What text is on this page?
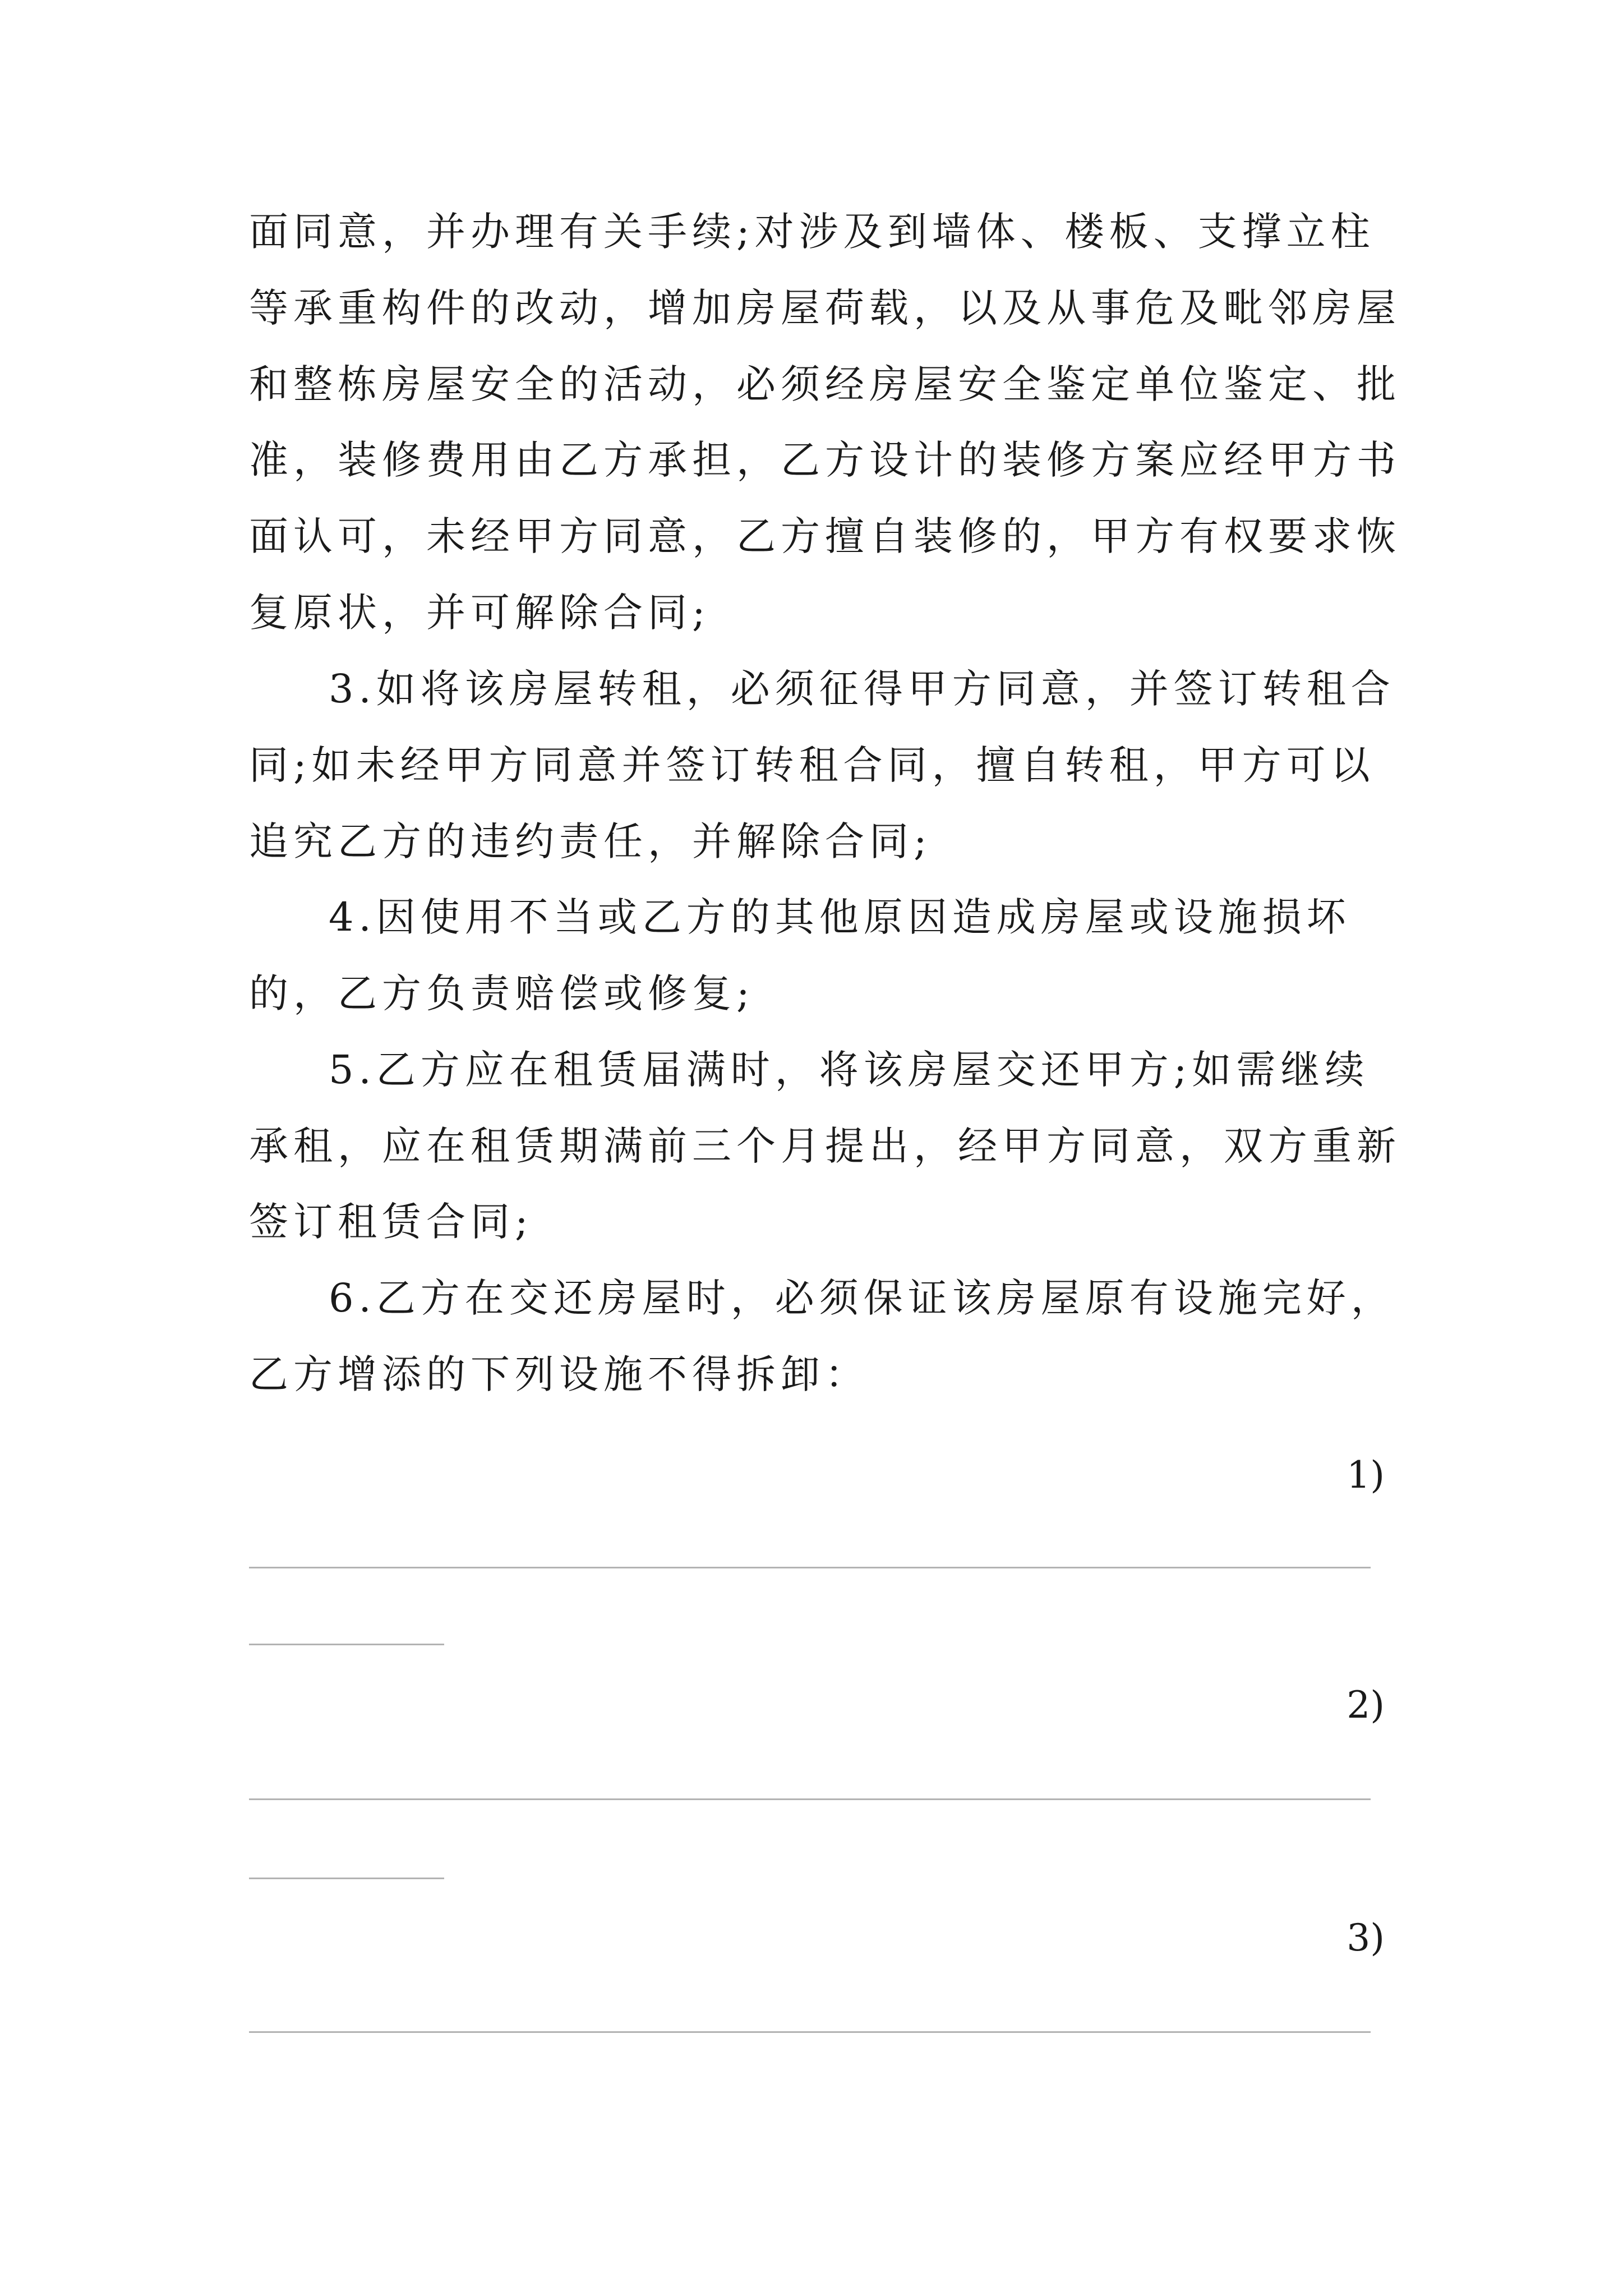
面同意，并办理有关手续;对涉及到墙体、楼板、支撑立柱

等承重构件的改动，增加房屋荷载，以及从事危及毗邻房屋

和整栋房屋安全的活动，必须经房屋安全鉴定单位鉴定、批

准，装修费用由乙方承担，乙方设计的装修方案应经甲方书

面认可，未经甲方同意，乙方擅自装修的，甲方有权要求恢

复原状，并可解除合同;

3.如将该房屋转租，必须征得甲方同意，并签订转租合

同;如未经甲方同意并签订转租合同，擅自转租，甲方可以

追究乙方的违约责任，并解除合同;

4.因使用不当或乙方的其他原因造成房屋或设施损坏

的，乙方负责赔偿或修复;

5.乙方应在租赁届满时，将该房屋交还甲方;如需继续

承租，应在租赁期满前三个月提出，经甲方同意，双方重新

签订租赁合同;

6.乙方在交还房屋时，必须保证该房屋原有设施完好，

乙方增添的下列设施不得拆卸：

1)

2)

3)
